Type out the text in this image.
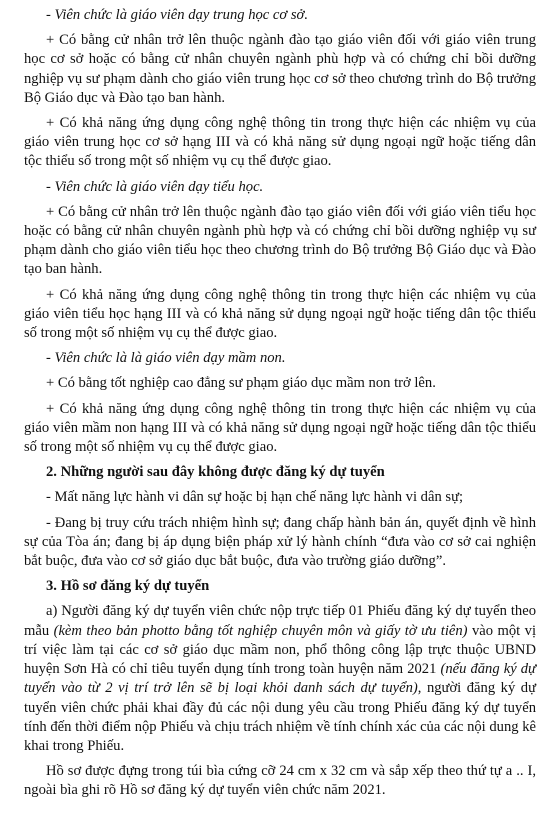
- Viên chức là giáo viên dạy trung học cơ sở.

+ Có bằng cử nhân trở lên thuộc ngành đào tạo giáo viên đối với giáo viên trung học cơ sở hoặc có bằng cử nhân chuyên ngành phù hợp và có chứng chỉ bồi dưỡng nghiệp vụ sư phạm dành cho giáo viên trung học cơ sở theo chương trình do Bộ trưởng Bộ Giáo dục và Đào tạo ban hành.

+ Có khả năng ứng dụng công nghệ thông tin trong thực hiện các nhiệm vụ của giáo viên trung học cơ sở hạng III và có khả năng sử dụng ngoại ngữ hoặc tiếng dân tộc thiểu số trong một số nhiệm vụ cụ thể được giao.

- Viên chức là giáo viên dạy tiểu học.

+ Có bằng cử nhân trở lên thuộc ngành đào tạo giáo viên đối với giáo viên tiểu học hoặc có bằng cử nhân chuyên ngành phù hợp và có chứng chỉ bồi dưỡng nghiệp vụ sư phạm dành cho giáo viên tiểu học theo chương trình do Bộ trưởng Bộ Giáo dục và Đào tạo ban hành.

+ Có khả năng ứng dụng công nghệ thông tin trong thực hiện các nhiệm vụ của giáo viên tiểu học hạng III và có khả năng sử dụng ngoại ngữ hoặc tiếng dân tộc thiểu số trong một số nhiệm vụ cụ thể được giao.

- Viên chức là là giáo viên dạy mầm non.

+ Có bằng tốt nghiệp cao đẳng sư phạm giáo dục mầm non trở lên.

+ Có khả năng ứng dụng công nghệ thông tin trong thực hiện các nhiệm vụ của giáo viên mầm non hạng III và có khả năng sử dụng ngoại ngữ hoặc tiếng dân tộc thiểu số trong một số nhiệm vụ cụ thể được giao.

2. Những người sau đây không được đăng ký dự tuyển

- Mất năng lực hành vi dân sự hoặc bị hạn chế năng lực hành vi dân sự;

- Đang bị truy cứu trách nhiệm hình sự; đang chấp hành bản án, quyết định về hình sự của Tòa án; đang bị áp dụng biện pháp xử lý hành chính “đưa vào cơ sở cai nghiện bắt buộc, đưa vào cơ sở giáo dục bắt buộc, đưa vào trường giáo dưỡng”.

3. Hồ sơ đăng ký dự tuyển

a) Người đăng ký dự tuyển viên chức nộp trực tiếp 01 Phiếu đăng ký dự tuyển theo mẫu (kèm theo bản photto bằng tốt nghiệp chuyên môn và giấy tờ ưu tiên) vào một vị trí việc làm tại các cơ sở giáo dục mầm non, phổ thông công lập trực thuộc UBND huyện Sơn Hà có chỉ tiêu tuyển dụng tính trong toàn huyện năm 2021 (nếu đăng ký dự tuyển vào từ 2 vị trí trở lên sẽ bị loại khỏi danh sách dự tuyển), người đăng ký dự tuyển viên chức phải khai đầy đủ các nội dung yêu cầu trong Phiếu đăng ký dự tuyển tính đến thời điểm nộp Phiếu và chịu trách nhiệm về tính chính xác của các nội dung kê khai trong Phiếu.

Hồ sơ được đựng trong túi bìa cứng cỡ 24 cm x 32 cm và sắp xếp theo thứ tự a .. I, ngoài bìa ghi rõ Hồ sơ đăng ký dự tuyển viên chức năm 2021.
